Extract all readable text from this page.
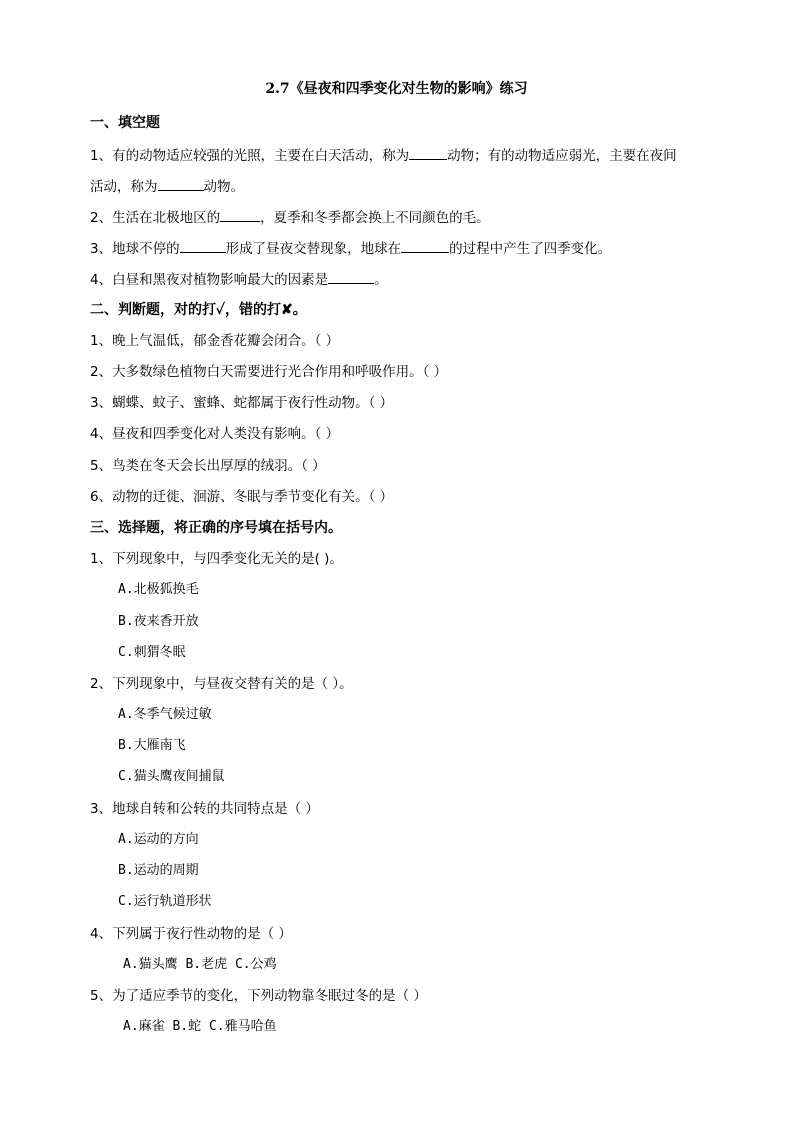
2.7《昼夜和四季变化对生物的影响》练习
一、填空题
1、有的动物适应较强的光照，主要在白天活动，称为	动物；有的动物适应弱光，主要在夜间
活动，称为	动物。
2、生活在北极地区的	，夏季和冬季都会换上不同颜色的毛。
3、地球不停的	形成了昼夜交替现象，地球在	的过程中产生了四季变化。
4、白昼和黑夜对植物影响最大的因素是	。
二、判断题，对的打✓，错的打✘。
1、晚上气温低，郁金香花瓣会闭合。（ ）
2、大多数绿色植物白天需要进行光合作用和呼吸作用。（ ）
3、蝴蝶、蚊子、蜜蜂、蛇都属于夜行性动物。（ ）
4、昼夜和四季变化对人类没有影响。（ ）
5、鸟类在冬天会长出厚厚的绒羽。（ ）
6、动物的迁徙、洄游、冬眠与季节变化有关。（ ）
三、选择题，将正确的序号填在括号内。
1、下列现象中，与四季变化无关的是( )。
A.北极狐换毛
B.夜来香开放
C.刺猬冬眠
2、下列现象中，与昼夜交替有关的是（ ）。
A.冬季气候过敏
B.大雁南飞
C.猫头鹰夜间捕鼠
3、地球自转和公转的共同特点是（ ）
A.运动的方向
B.运动的周期
C.运行轨道形状
4、下列属于夜行性动物的是（ ）
A.猫头鹰 B.老虎 C.公鸡
5、为了适应季节的变化，下列动物靠冬眠过冬的是（ ）
A.麻雀 B.蛇 C.雅马哈鱼
